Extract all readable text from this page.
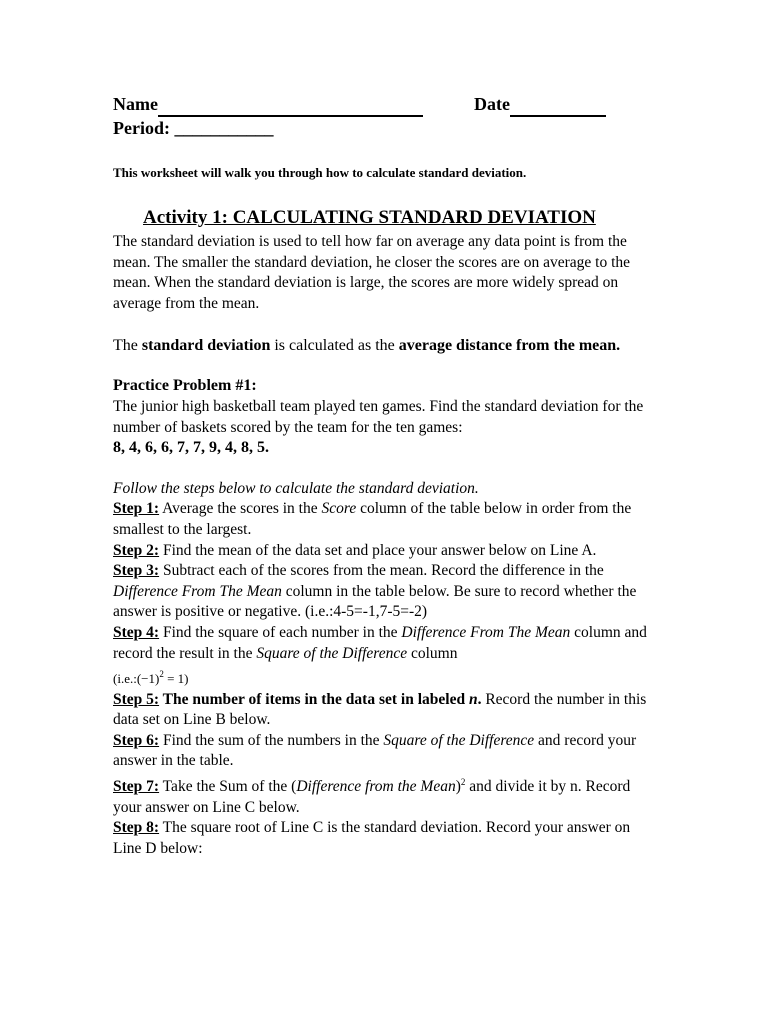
Name	Date
Period: ___________
This worksheet will walk you through how to calculate standard deviation.
Activity 1: CALCULATING STANDARD DEVIATION

The standard deviation is used to tell how far on average any data point is from the mean. The smaller the standard deviation, he closer the scores are on average to the mean. When the standard deviation is large, the scores are more widely spread on average from the mean.

The standard deviation is calculated as the average distance from the mean.

Practice Problem #1:

The junior high basketball team played ten games. Find the standard deviation for the number of baskets scored by the team for the ten games:

8, 4, 6, 6, 7, 7, 9, 4, 8, 5.

Follow the steps below to calculate the standard deviation.

Step 1: Average the scores in the Score column of the table below in order from the smallest to the largest.

Step 2: Find the mean of the data set and place your answer below on Line A.

Step 3: Subtract each of the scores from the mean. Record the difference in the Difference From The Mean column in the table below. Be sure to record whether the answer is positive or negative. (i.e.:4-5=-1,7-5=-2)

Step 4: Find the square of each number in the Difference From The Mean column and record the result in the Square of the Difference column

$(i.e.:(-1)^2 = 1)$

Step 5: The number of items in the data set in labeled n. Record the number in this data set on Line B below.

Step 6: Find the sum of the numbers in the Square of the Difference and record your answer in the table.

Step 7: Take the Sum of the (Difference from the Mean)$^2$ and divide it by n. Record your answer on Line C below.

Step 8: The square root of Line C is the standard deviation. Record your answer on Line D below:
